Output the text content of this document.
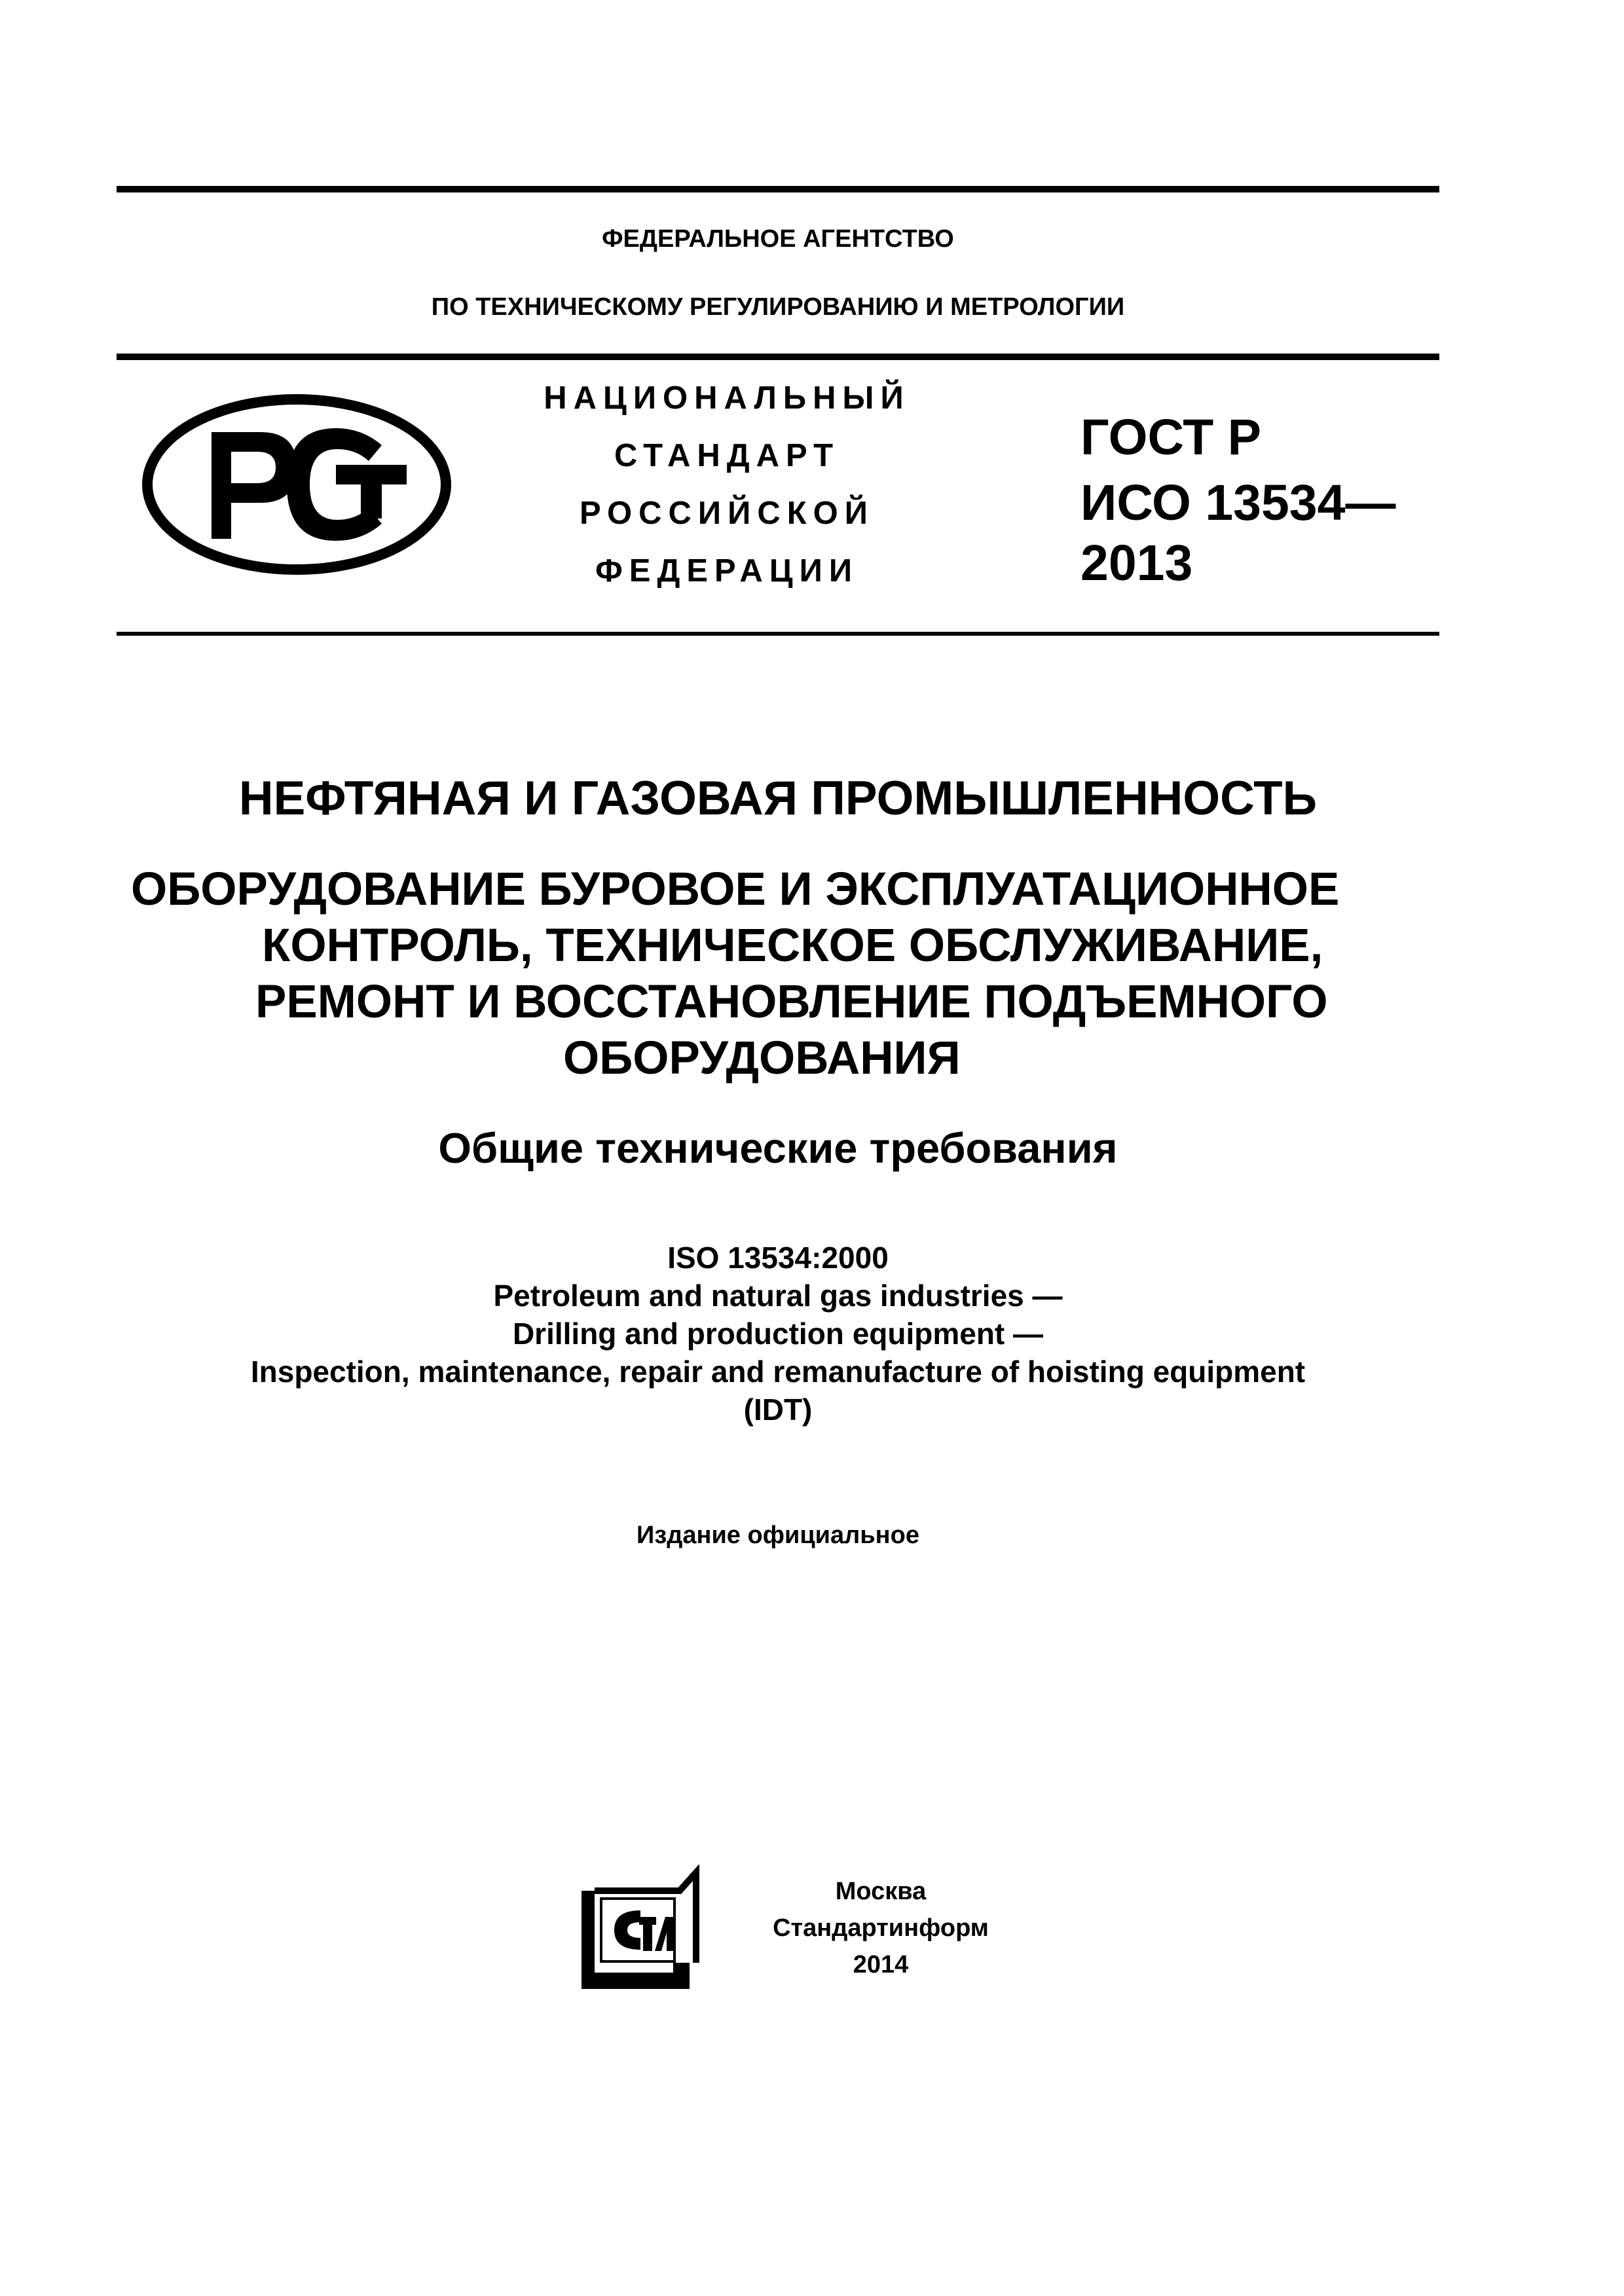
ФЕДЕРАЛЬНОЕ АГЕНТСТВО
ПО ТЕХНИЧЕСКОМУ РЕГУЛИРОВАНИЮ И МЕТРОЛОГИИ
НАЦИОНАЛЬНЫЙ
СТАНДАРТ
РОССИЙСКОЙ
ФЕДЕРАЦИИ
ГОСТ Р
ИСО 13534—
2013
НЕФТЯНАЯ И ГАЗОВАЯ ПРОМЫШЛЕННОСТЬ
ОБОРУДОВАНИЕ БУРОВОЕ И ЭКСПЛУАТАЦИОННОЕ
КОНТРОЛЬ, ТЕХНИЧЕСКОЕ ОБСЛУЖИВАНИЕ,
РЕМОНТ И ВОССТАНОВЛЕНИЕ ПОДЪЕМНОГО
ОБОРУДОВАНИЯ
Общие технические требования
ISO 13534:2000
Petroleum and natural gas industries —
Drilling and production equipment —
Inspection, maintenance, repair and remanufacture of hoisting equipment
(IDT)
Издание официальное
Москва
Стандартинформ
2014
